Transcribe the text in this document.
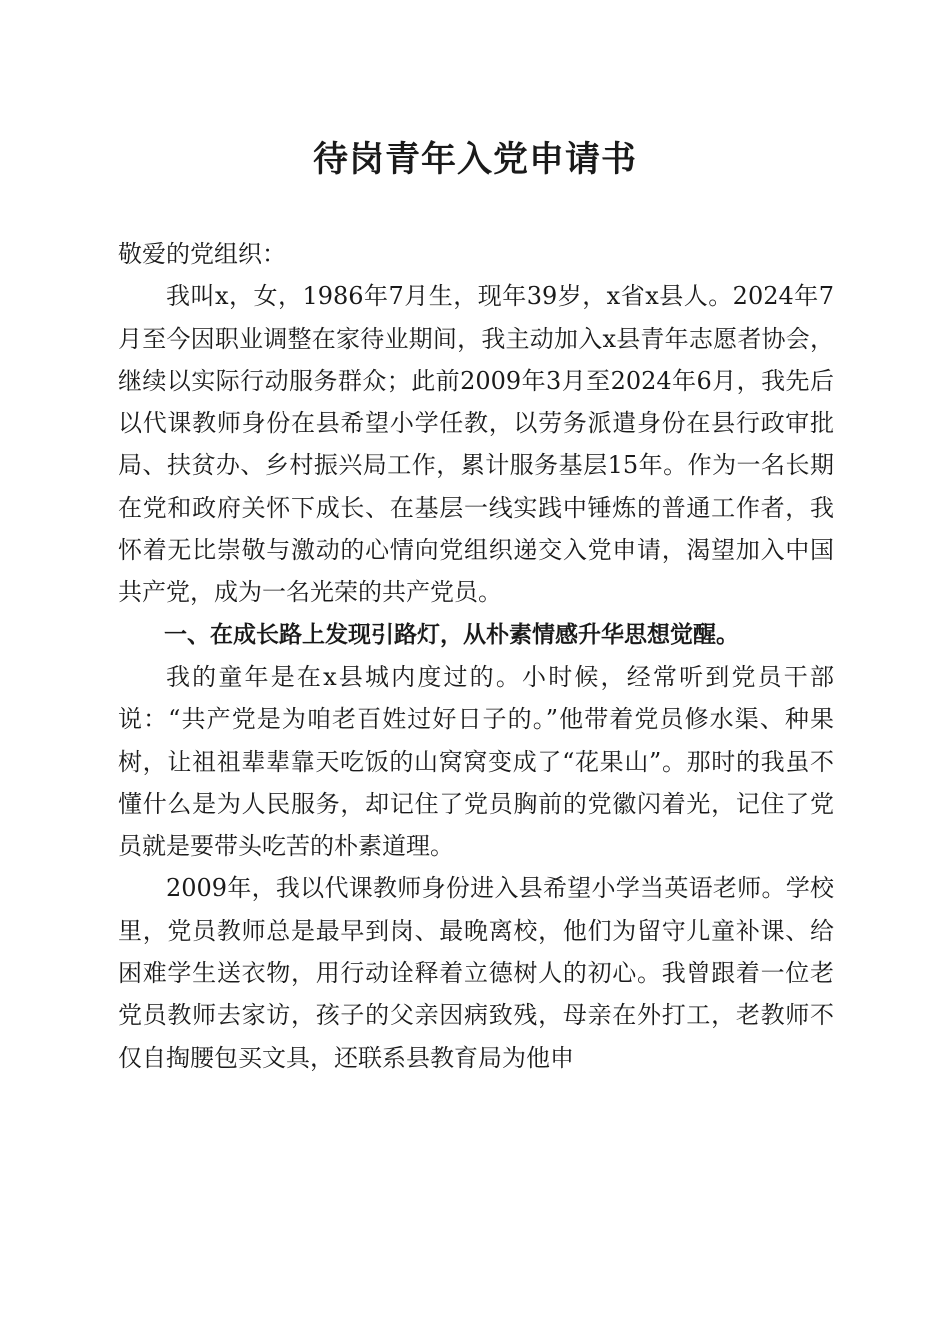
待岗青年入党申请书

敬爱的党组织：

我叫x，女，1986年7月生，现年39岁，x省x县人。2024年7月至今因职业调整在家待业期间，我主动加入x县青年志愿者协会，继续以实际行动服务群众；此前2009年3月至2024年6月，我先后以代课教师身份在县希望小学任教，以劳务派遣身份在县行政审批局、扶贫办、乡村振兴局工作，累计服务基层15年。作为一名长期在党和政府关怀下成长、在基层一线实践中锤炼的普通工作者，我怀着无比崇敬与激动的心情向党组织递交入党申请，渴望加入中国共产党，成为一名光荣的共产党员。

一、在成长路上发现引路灯，从朴素情感升华思想觉醒。

我的童年是在x县城内度过的。小时候，经常听到党员干部说：“共产党是为咱老百姓过好日子的。”他带着党员修水渠、种果树，让祖祖辈辈靠天吃饭的山窝窝变成了“花果山”。那时的我虽不懂什么是为人民服务，却记住了党员胸前的党徽闪着光，记住了党员就是要带头吃苦的朴素道理。

2009年，我以代课教师身份进入县希望小学当英语老师。学校里，党员教师总是最早到岗、最晚离校，他们为留守儿童补课、给困难学生送衣物，用行动诠释着立德树人的初心。我曾跟着一位老党员教师去家访，孩子的父亲因病致残，母亲在外打工，老教师不仅自掏腰包买文具，还联系县教育局为他申
